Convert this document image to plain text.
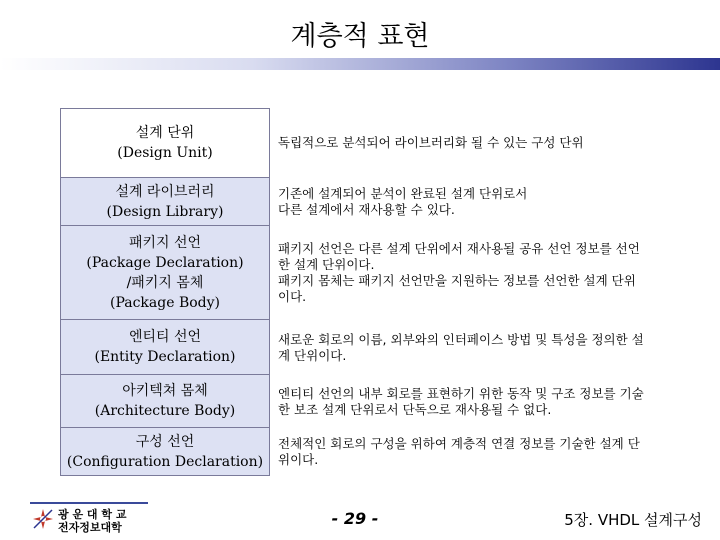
계층적 표현
설계 단위
(Design Unit)
독립적으로 분석되어 라이브러리화 될 수 있는 구성 단위
설계 라이브러리
(Design Library)
기존에 설계되어 분석이 완료된 설계 단위로서
다른 설계에서 재사용할 수 있다.
패키지 선언
(Package Declaration)
/패키지 몸체
(Package Body)
패키지 선언은 다른 설계 단위에서 재사용될 공유 선언 정보를 선언
한 설계 단위이다.
패키지 몸체는 패키지 선언만을 지원하는 정보를 선언한 설계 단위
이다.
엔티티 선언
(Entity Declaration)
새로운 회로의 이름, 외부와의 인터페이스 방법 및 특성을 정의한 설
계 단위이다.
아키텍쳐 몸체
(Architecture Body)
엔티티 선언의 내부 회로를 표현하기 위한 동작 및 구조 정보를 기술
한 보조 설계 단위로서 단독으로 재사용될 수 없다.
구성 선언
(Configuration Declaration)
전체적인 회로의 구성을 위하여 계층적 연결 정보를 기술한 설계 단
위이다.
광 운 대 학 교
전자정보대학	- 29 -	5장. VHDL 설계구성
